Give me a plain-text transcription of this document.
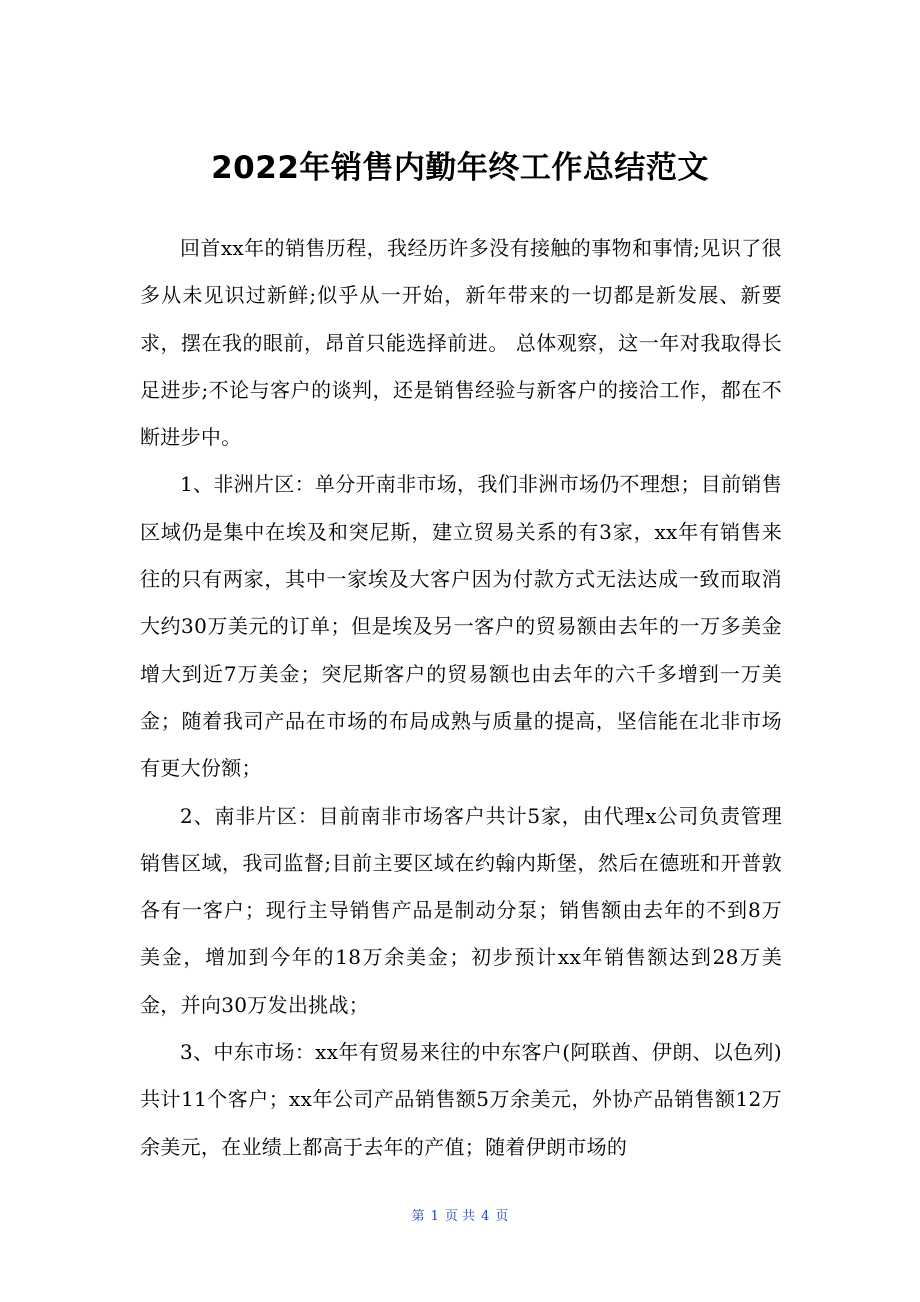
2022年销售内勤年终工作总结范文

回首xx年的销售历程，我经历许多没有接触的事物和事情;见识了很多从未见识过新鲜;似乎从一开始，新年带来的一切都是新发展、新要求，摆在我的眼前，昂首只能选择前进。 总体观察，这一年对我取得长足进步;不论与客户的谈判，还是销售经验与新客户的接洽工作，都在不断进步中。

1、非洲片区：单分开南非市场，我们非洲市场仍不理想；目前销售区域仍是集中在埃及和突尼斯，建立贸易关系的有3家，xx年有销售来往的只有两家，其中一家埃及大客户因为付款方式无法达成一致而取消大约30万美元的订单；但是埃及另一客户的贸易额由去年的一万多美金增大到近7万美金；突尼斯客户的贸易额也由去年的六千多增到一万美金；随着我司产品在市场的布局成熟与质量的提高，坚信能在北非市场有更大份额；

2、南非片区：目前南非市场客户共计5家，由代理x公司负责管理销售区域，我司监督;目前主要区域在约翰内斯堡，然后在德班和开普敦各有一客户；现行主导销售产品是制动分泵；销售额由去年的不到8万美金，增加到今年的18万余美金；初步预计xx年销售额达到28万美金，并向30万发出挑战；

3、中东市场：xx年有贸易来往的中东客户(阿联酋、伊朗、以色列)共计11个客户；xx年公司产品销售额5万余美元，外协产品销售额12万余美元，在业绩上都高于去年的产值；随着伊朗市场的

第 1 页 共 4 页
